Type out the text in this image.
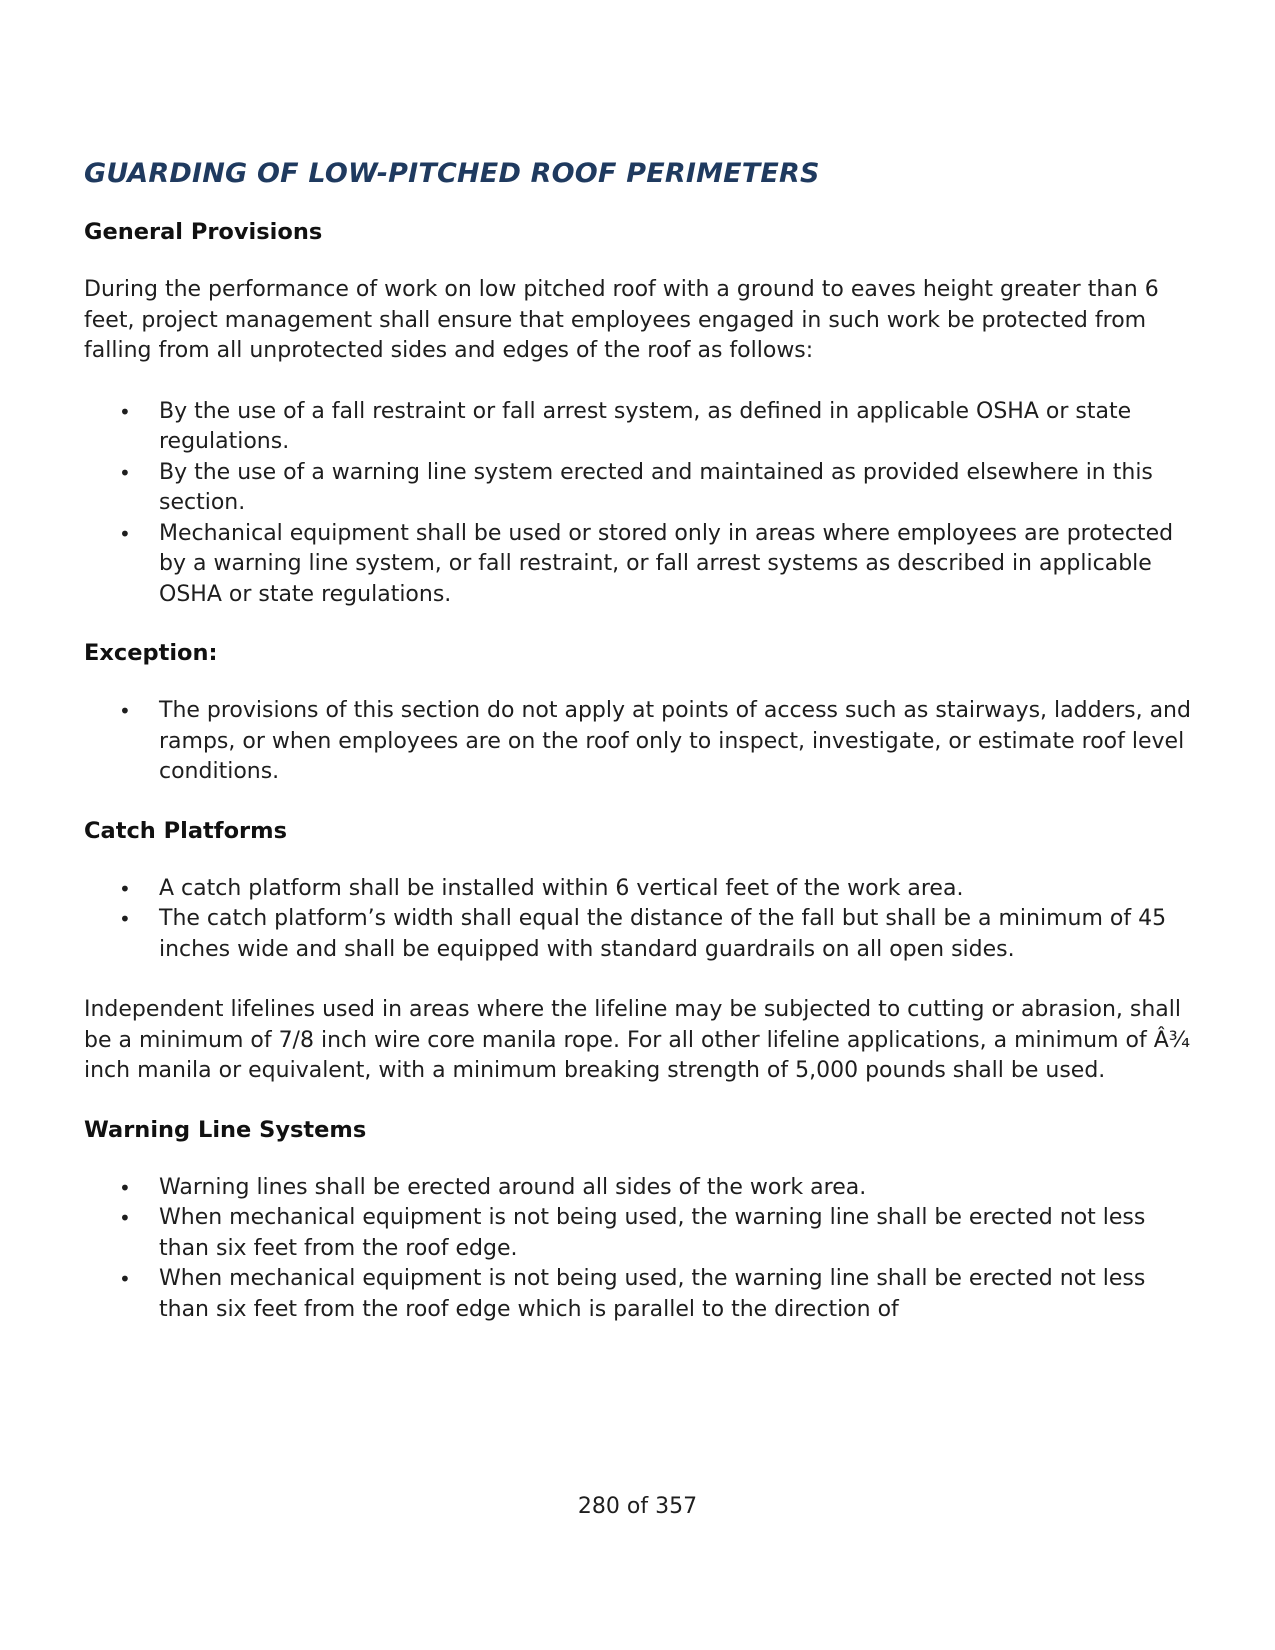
GUARDING OF LOW-PITCHED ROOF PERIMETERS
General Provisions

During the performance of work on low pitched roof with a ground to eaves height greater than 6 feet, project management shall ensure that employees engaged in such work be protected from falling from all unprotected sides and edges of the roof as follows:

• By the use of a fall restraint or fall arrest system, as defined in applicable OSHA or state regulations.
• By the use of a warning line system erected and maintained as provided elsewhere in this section.
• Mechanical equipment shall be used or stored only in areas where employees are protected by a warning line system, or fall restraint, or fall arrest systems as described in applicable OSHA or state regulations.
Exception:
• The provisions of this section do not apply at points of access such as stairways, ladders, and ramps, or when employees are on the roof only to inspect, investigate, or estimate roof level conditions.
Catch Platforms
• A catch platform shall be installed within 6 vertical feet of the work area.
• The catch platform’s width shall equal the distance of the fall but shall be a minimum of 45 inches wide and shall be equipped with standard guardrails on all open sides.

Independent lifelines used in areas where the lifeline may be subjected to cutting or abrasion, shall be a minimum of 7/8 inch wire core manila rope. For all other lifeline applications, a minimum of Â¾ inch manila or equivalent, with a minimum breaking strength of 5,000 pounds shall be used.

Warning Line Systems
• Warning lines shall be erected around all sides of the work area.
• When mechanical equipment is not being used, the warning line shall be erected not less than six feet from the roof edge.
• When mechanical equipment is not being used, the warning line shall be erected not less than six feet from the roof edge which is parallel to the direction of
280 of 357
